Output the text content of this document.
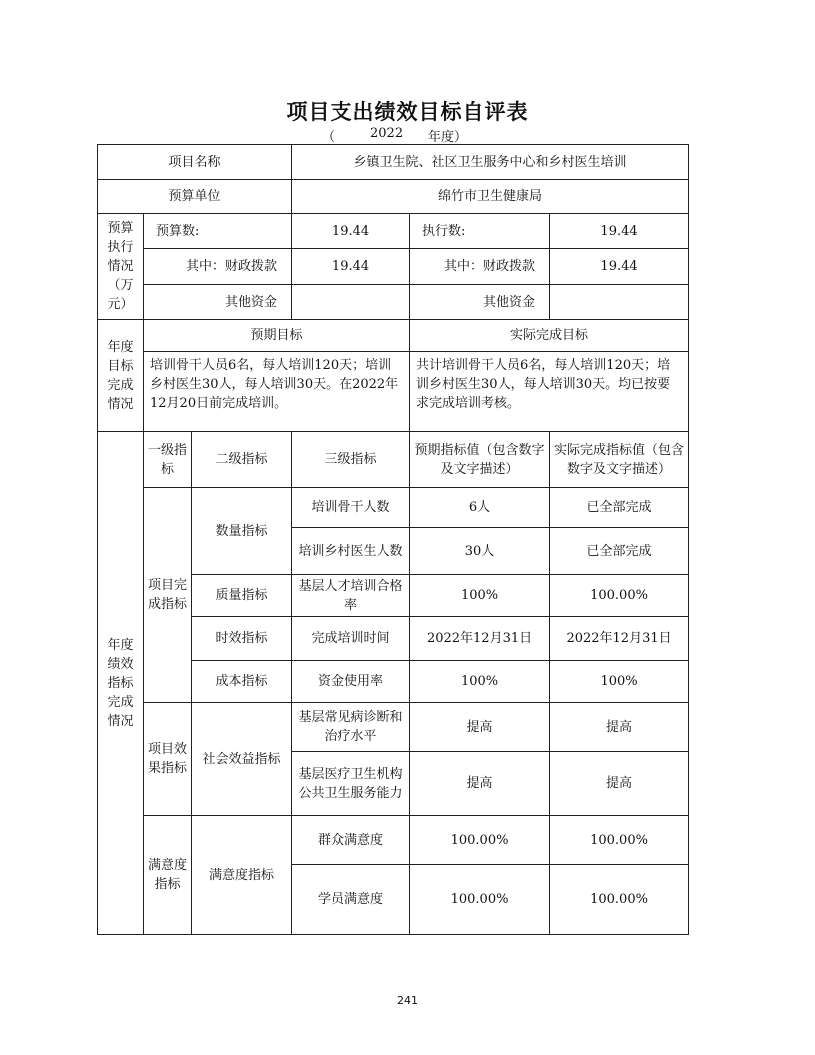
项目支出绩效目标自评表
（	2022 年度）
项目名称			乡镇卫生院、社区卫生服务中心和乡村医生培训		
预算单位			绵竹市卫生健康局		
预算执行情况（万元）	预算数:		19.44	执行数:	19.44
	其中：财政拨款		19.44	其中：财政拨款	19.44
	其他资金			其他资金	
年度目标完成情况	预期目标			实际完成目标	
	培训骨干人员6名，每人培训120天；培训乡村医生30人，每人培训30天。在2022年12月20日前完成培训。			共计培训骨干人员6名，每人培训120天；培训乡村医生30人，每人培训30天。均已按要求完成培训考核。	
年度绩效指标完成情况	一级指标	二级指标	三级指标	预期指标值（包含数字及文字描述）	实际完成指标值（包含数字及文字描述）
	项目完成指标	数量指标	培训骨干人数	6人	已全部完成
			培训乡村医生人数	30人	已全部完成
		质量指标	基层人才培训合格率	100%	100.00%
		时效指标	完成培训时间	2022年12月31日	2022年12月31日
		成本指标	资金使用率	100%	100%
	项目效果指标	社会效益指标	基层常见病诊断和治疗水平	提高	提高
			基层医疗卫生机构公共卫生服务能力	提高	提高
	满意度指标	满意度指标	群众满意度	100.00%	100.00%
			学员满意度	100.00%	100.00%
241
